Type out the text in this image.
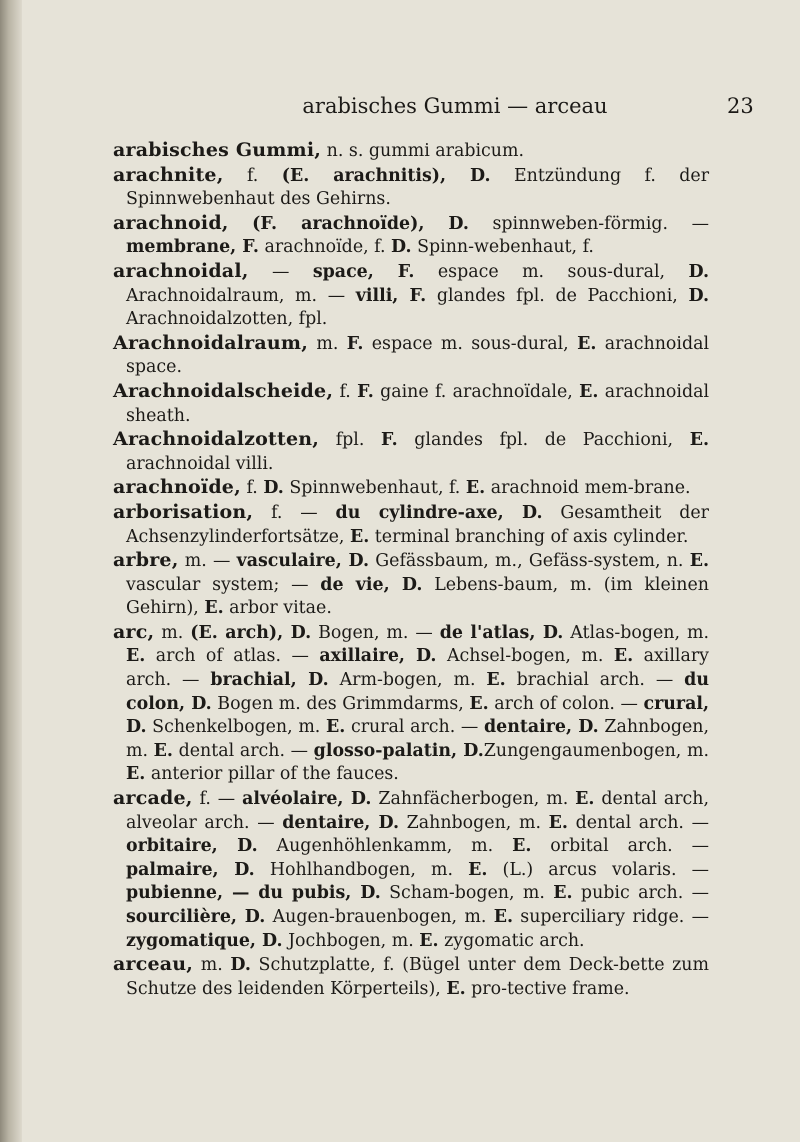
arabisches Gummi — arceau	23

arabisches Gummi, n. s. gummi arabicum.

arachnite, f. (E. arachnitis), D. Entzündung f. der Spinnwebenhaut des Gehirns.

arachnoid, (F. arachnoïde), D. spinnweben-förmig. — membrane, F. arachnoïde, f. D. Spinn-webenhaut, f.

arachnoidal, — space, F. espace m. sous-dural, D. Arachnoidalraum, m. — villi, F. glandes fpl. de Pacchioni, D. Arachnoidalzotten, fpl.

Arachnoidalraum, m. F. espace m. sous-dural, E. arachnoidal space.

Arachnoidalscheide, f. F. gaine f. arachnoïdale, E. arachnoidal sheath.

Arachnoidalzotten, fpl. F. glandes fpl. de Pacchioni, E. arachnoidal villi.

arachnoïde, f. D. Spinnwebenhaut, f. E. arachnoid mem-brane.

arborisation, f. — du cylindre-axe, D. Gesamtheit der Achsenzylinderfortsätze, E. terminal branching of axis cylinder.

arbre, m. — vasculaire, D. Gefässbaum, m., Gefäss-system, n. E. vascular system; — de vie, D. Lebens-baum, m. (im kleinen Gehirn), E. arbor vitae.

arc, m. (E. arch), D. Bogen, m. — de l'atlas, D. Atlas-bogen, m. E. arch of atlas. — axillaire, D. Achsel-bogen, m. E. axillary arch. — brachial, D. Arm-bogen, m. E. brachial arch. — du colon, D. Bogen m. des Grimmdarms, E. arch of colon. — crural, D. Schenkelbogen, m. E. crural arch. — dentaire, D. Zahnbogen, m. E. dental arch. — glosso-palatin, D.Zungengaumenbogen, m. E. anterior pillar of the fauces.

arcade, f. — alvéolaire, D. Zahnfächerbogen, m. E. dental arch, alveolar arch. — dentaire, D. Zahnbogen, m. E. dental arch. — orbitaire, D. Augenhöhlenkamm, m. E. orbital arch. — palmaire, D. Hohlhandbogen, m. E. (L.) arcus volaris. — pubienne, — du pubis, D. Scham-bogen, m. E. pubic arch. — sourcilière, D. Augen-brauenbogen, m. E. superciliary ridge. — zygomatique, D. Jochbogen, m. E. zygomatic arch.

arceau, m. D. Schutzplatte, f. (Bügel unter dem Deck-bette zum Schutze des leidenden Körperteils), E. pro-tective frame.
